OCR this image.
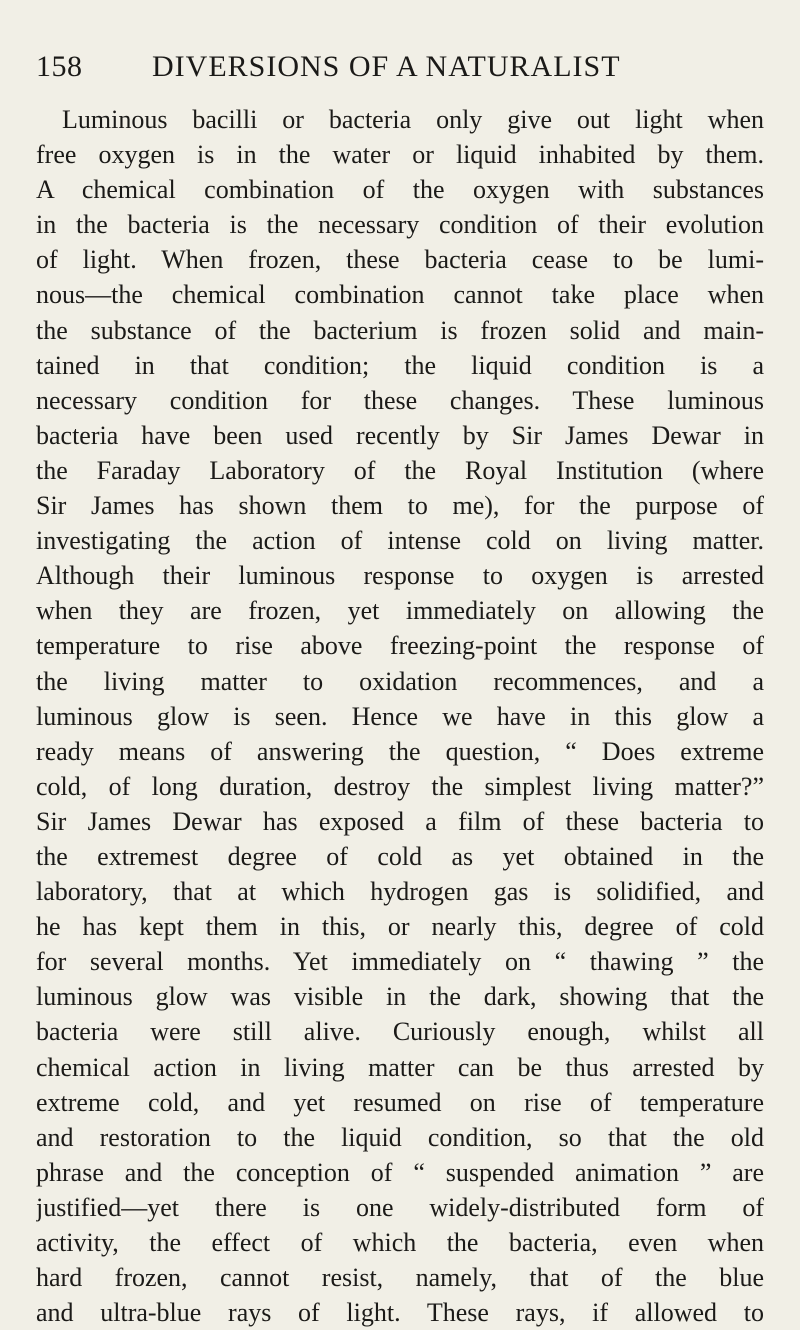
158	DIVERSIONS OF A NATURALIST
Luminous bacilli or bacteria only give out light when
free oxygen is in the water or liquid inhabited by them.
A chemical combination of the oxygen with substances
in the bacteria is the necessary condition of their evolution
of light. When frozen, these bacteria cease to be lumi-
nous—the chemical combination cannot take place when
the substance of the bacterium is frozen solid and main-
tained in that condition; the liquid condition is a
necessary condition for these changes. These luminous
bacteria have been used recently by Sir James Dewar in
the Faraday Laboratory of the Royal Institution (where
Sir James has shown them to me), for the purpose of
investigating the action of intense cold on living matter.
Although their luminous response to oxygen is arrested
when they are frozen, yet immediately on allowing the
temperature to rise above freezing-point the response of
the living matter to oxidation recommences, and a
luminous glow is seen. Hence we have in this glow a
ready means of answering the question, “ Does extreme
cold, of long duration, destroy the simplest living matter?”
Sir James Dewar has exposed a film of these bacteria to
the extremest degree of cold as yet obtained in the
laboratory, that at which hydrogen gas is solidified, and
he has kept them in this, or nearly this, degree of cold
for several months. Yet immediately on “ thawing ” the
luminous glow was visible in the dark, showing that the
bacteria were still alive. Curiously enough, whilst all
chemical action in living matter can be thus arrested by
extreme cold, and yet resumed on rise of temperature
and restoration to the liquid condition, so that the old
phrase and the conception of “ suspended animation ” are
justified—yet there is one widely-distributed form of
activity, the effect of which the bacteria, even when
hard frozen, cannot resist, namely, that of the blue
and ultra-blue rays of light. These rays, if allowed to
